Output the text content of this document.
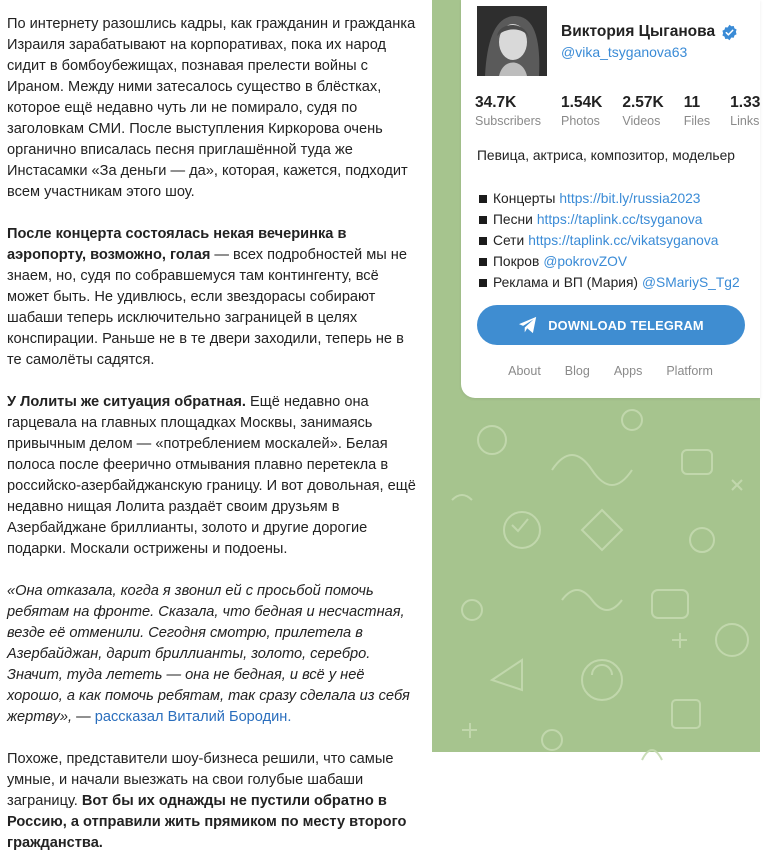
По интернету разошлись кадры, как гражданин и гражданка Израиля зарабатывают на корпоративах, пока их народ сидит в бомбоубежищах, познавая прелести войны с Ираном. Между ними затесалось существо в блёстках, которое ещё недавно чуть ли не помирало, судя по заголовкам СМИ. После выступления Киркорова очень органично вписалась песня приглашённой туда же Инстасамки «За деньги — да», которая, кажется, подходит всем участникам этого шоу.

После концерта состоялась некая вечеринка в аэропорту, возможно, голая — всех подробностей мы не знаем, но, судя по собравшемуся там контингенту, всё может быть. Не удивлюсь, если звездорасы собирают шабаши теперь исключительно заграницей в целях конспирации. Раньше не в те двери заходили, теперь не в те самолёты садятся.

У Лолиты же ситуация обратная. Ещё недавно она гарцевала на главных площадках Москвы, занимаясь привычным делом — «потреблением москалей». Белая полоса после феерично отмывания плавно перетекла в российско-азербайджанскую границу. И вот довольная, ещё недавно нищая Лолита раздаёт своим друзьям в Азербайджане бриллианты, золото и другие дорогие подарки. Москали острижены и подоены.

«Она отказала, когда я звонил ей с просьбой помочь ребятам на фронте. Сказала, что бедная и несчастная, везде её отменили. Сегодня смотрю, прилетела в Азербайджан, дарит бриллианты, золото, серебро. Значит, туда лететь — она не бедная, и всё у неё хорошо, а как помочь ребятам, так сразу сделала из себя жертву», — рассказал Виталий Бородин.

Похоже, представители шоу-бизнеса решили, что самые умные, и начали выезжать на свои голубые шабаши заграницу. Вот бы их однажды не пустили обратно в Россию, а отправили жить прямиком по месту второго гражданства.

Виктория Цыганова
@vika_tsyganova63
34.7K
Subscribers
1.54K
Photos
2.57K
Videos
11
Files
1.33
Links
Певица, актриса, композитор, модельер
Концерты https://bit.ly/russia2023
Песни https://taplink.cc/tsyganova
Сети https://taplink.cc/vikatsyganova
Покров @pokrovZOV
Реклама и ВП (Мария) @SMariyS_Tg2
DOWNLOAD TELEGRAM
About Blog Apps Platform
